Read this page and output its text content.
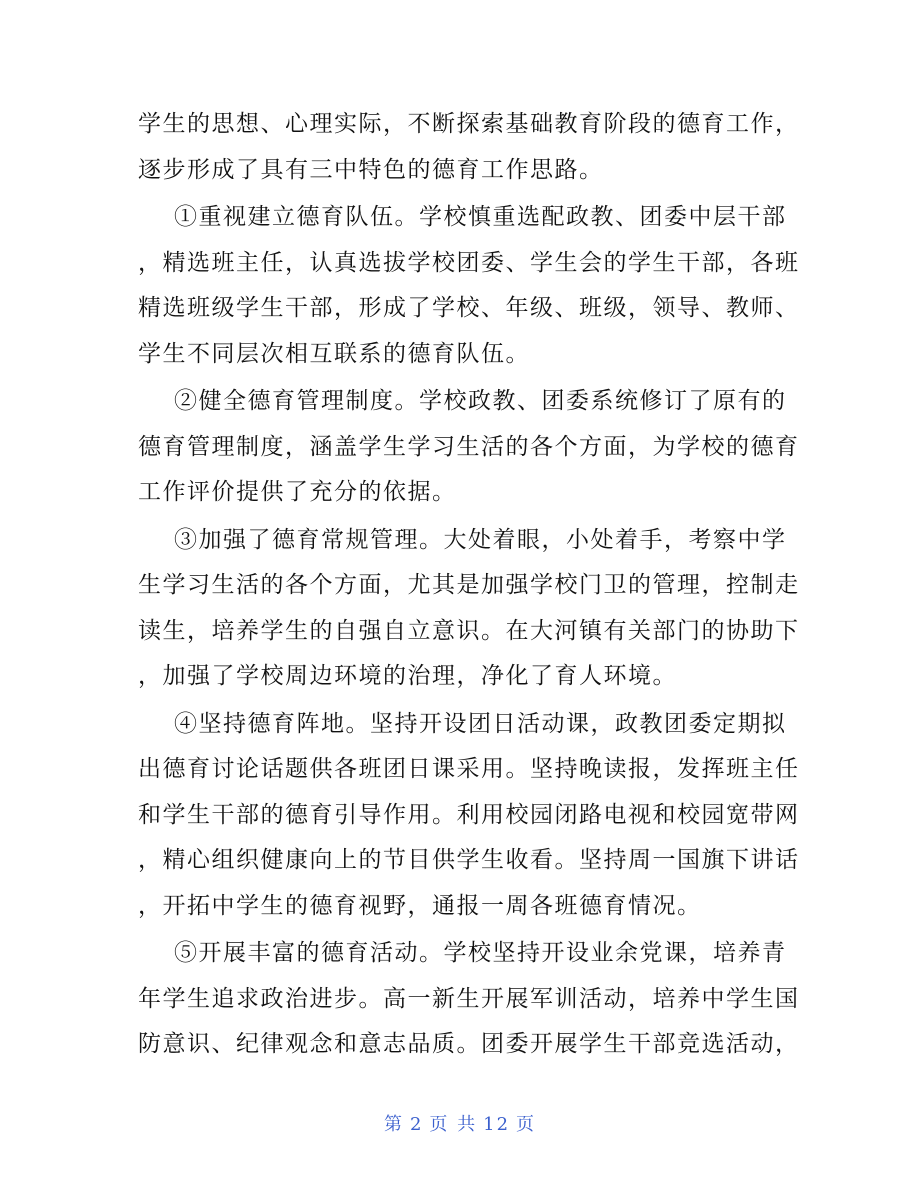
学生的思想、心理实际，不断探索基础教育阶段的德育工作，
逐步形成了具有三中特色的德育工作思路。
①重视建立德育队伍。学校慎重选配政教、团委中层干部
，精选班主任，认真选拔学校团委、学生会的学生干部，各班
精选班级学生干部，形成了学校、年级、班级，领导、教师、
学生不同层次相互联系的德育队伍。
②健全德育管理制度。学校政教、团委系统修订了原有的
德育管理制度，涵盖学生学习生活的各个方面，为学校的德育
工作评价提供了充分的依据。
③加强了德育常规管理。大处着眼，小处着手，考察中学
生学习生活的各个方面，尤其是加强学校门卫的管理，控制走
读生，培养学生的自强自立意识。在大河镇有关部门的协助下
，加强了学校周边环境的治理，净化了育人环境。
④坚持德育阵地。坚持开设团日活动课，政教团委定期拟
出德育讨论话题供各班团日课采用。坚持晚读报，发挥班主任
和学生干部的德育引导作用。利用校园闭路电视和校园宽带网
，精心组织健康向上的节目供学生收看。坚持周一国旗下讲话
，开拓中学生的德育视野，通报一周各班德育情况。
⑤开展丰富的德育活动。学校坚持开设业余党课，培养青
年学生追求政治进步。高一新生开展军训活动，培养中学生国
防意识、纪律观念和意志品质。团委开展学生干部竞选活动，
第 2 页 共 12 页
